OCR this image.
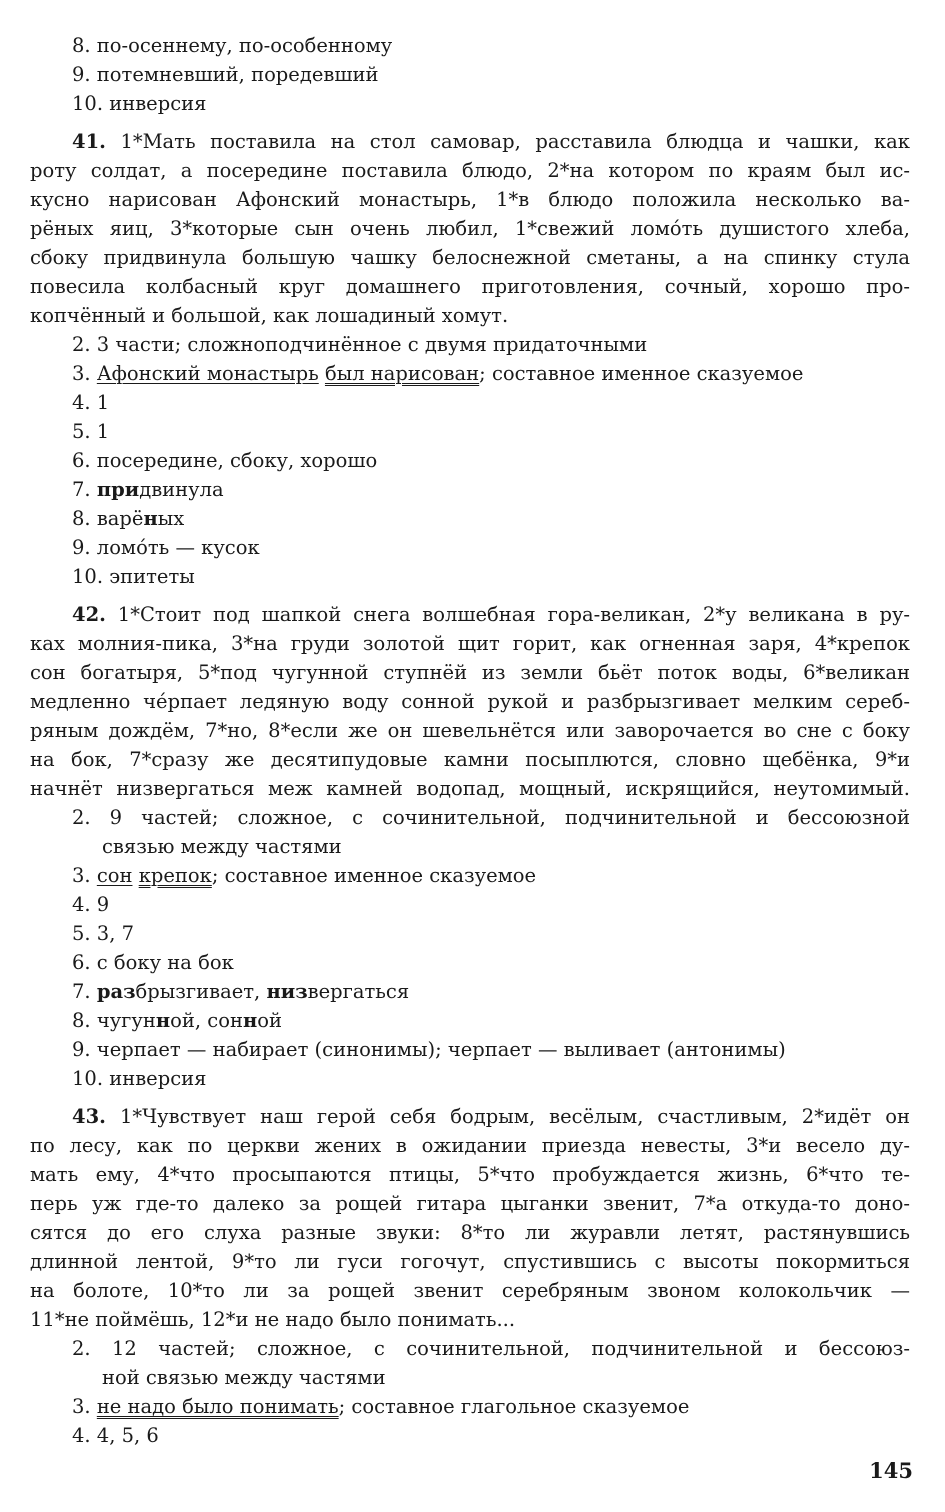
8. по-осеннему, по-особенному
9. потемневший, поредевший
10. инверсия
41. 1*Мать поставила на стол самовар, расставила блюдца и чашки, как
роту солдат, а посередине поставила блюдо, 2*на котором по краям был ис-
кусно нарисован Афонский монастырь, 1*в блюдо положила несколько ва-
рёных яиц, 3*которые сын очень любил, 1*свежий ломо́ть душистого хлеба,
сбоку придвинула большую чашку белоснежной сметаны, а на спинку стула
повесила колбасный круг домашнего приготовления, сочный, хорошо про-
копчённый и большой, как лошадиный хомут.
2. 3 части; сложноподчинённое с двумя придаточными
3. Афонский монастырь был нарисован; составное именное сказуемое
4. 1
5. 1
6. посередине, сбоку, хорошо
7. придвинула
8. варёных
9. ломо́ть — кусок
10. эпитеты
42. 1*Стоит под шапкой снега волшебная гора-великан, 2*у великана в ру-
ках молния-пика, 3*на груди золотой щит горит, как огненная заря, 4*крепок
сон богатыря, 5*под чугунной ступнёй из земли бьёт поток воды, 6*великан
медленно че́рпает ледяную воду сонной рукой и разбрызгивает мелким сереб-
ряным дождём, 7*но, 8*если же он шевельнётся или заворочается во сне с боку
на бок, 7*сразу же десятипудовые камни посыплются, словно щебёнка, 9*и
начнёт низвергаться меж камней водопад, мощный, искрящийся, неутомимый.
2. 9 частей; сложное, с сочинительной, подчинительной и бессоюзной
связью между частями
3. сон крепок; составное именное сказуемое
4. 9
5. 3, 7
6. с боку на бок
7. разбрызгивает, низвергаться
8. чугунной, сонной
9. черпает — набирает (синонимы); черпает — выливает (антонимы)
10. инверсия
43. 1*Чувствует наш герой себя бодрым, весёлым, счастливым, 2*идёт он
по лесу, как по церкви жених в ожидании приезда невесты, 3*и весело ду-
мать ему, 4*что просыпаются птицы, 5*что пробуждается жизнь, 6*что те-
перь уж где-то далеко за рощей гитара цыганки звенит, 7*а откуда-то доно-
сятся до его слуха разные звуки: 8*то ли журавли летят, растянувшись
длинной лентой, 9*то ли гуси гогочут, спустившись с высоты покормиться
на болоте, 10*то ли за рощей звенит серебряным звоном колокольчик —
11*не поймёшь, 12*и не надо было понимать...
2. 12 частей; сложное, с сочинительной, подчинительной и бессоюз-
ной связью между частями
3. не надо было понимать; составное глагольное сказуемое
4. 4, 5, 6
145
